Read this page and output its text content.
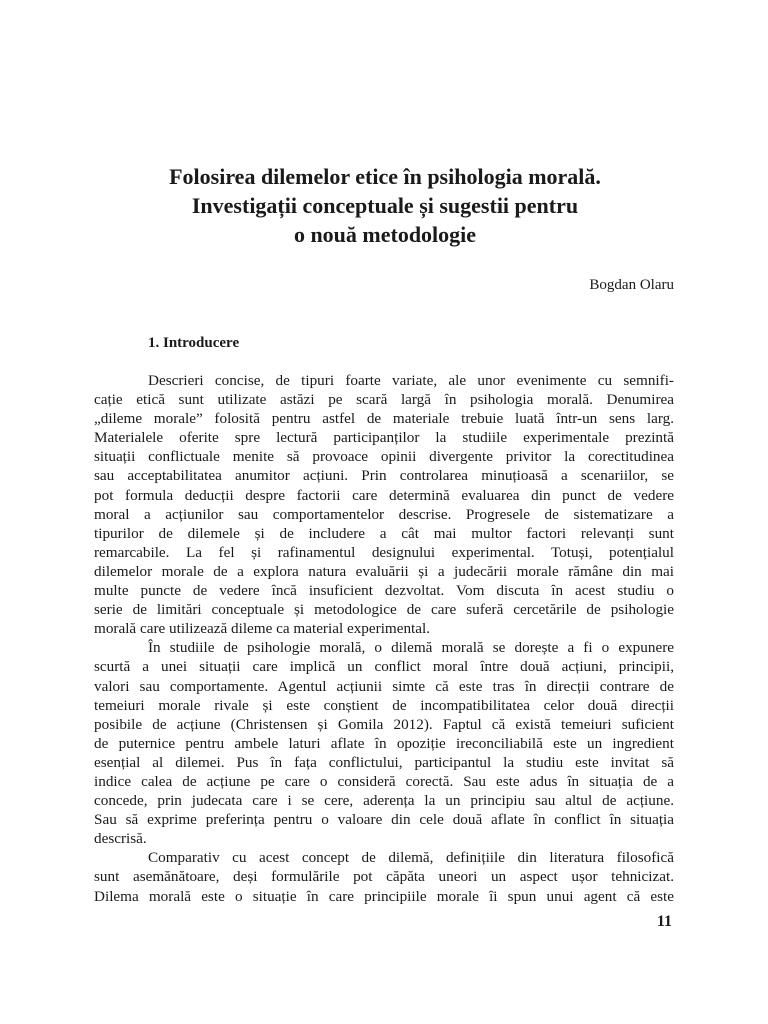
Folosirea dilemelor etice în psihologia morală.
Investigații conceptuale și sugestii pentru
o nouă metodologie
Bogdan Olaru
1. Introducere
Descrieri concise, de tipuri foarte variate, ale unor evenimente cu semnifi-
cație etică sunt utilizate astăzi pe scară largă în psihologia morală. Denumirea
„dileme morale” folosită pentru astfel de materiale trebuie luată într-un sens larg.
Materialele oferite spre lectură participanților la studiile experimentale prezintă
situații conflictuale menite să provoace opinii divergente privitor la corectitudinea
sau acceptabilitatea anumitor acțiuni. Prin controlarea minuțioasă a scenariilor, se
pot formula deducții despre factorii care determină evaluarea din punct de vedere
moral a acțiunilor sau comportamentelor descrise. Progresele de sistematizare a
tipurilor de dilemele și de includere a cât mai multor factori relevanți sunt
remarcabile. La fel și rafinamentul designului experimental. Totuși, potențialul
dilemelor morale de a explora natura evaluării și a judecării morale rămâne din mai
multe puncte de vedere încă insuficient dezvoltat. Vom discuta în acest studiu o
serie de limitări conceptuale și metodologice de care suferă cercetările de psihologie
morală care utilizează dileme ca material experimental.
În studiile de psihologie morală, o dilemă morală se dorește a fi o expunere
scurtă a unei situații care implică un conflict moral între două acțiuni, principii,
valori sau comportamente. Agentul acțiunii simte că este tras în direcții contrare de
temeiuri morale rivale și este conștient de incompatibilitatea celor două direcții
posibile de acțiune (Christensen și Gomila 2012). Faptul că există temeiuri suficient
de puternice pentru ambele laturi aflate în opoziție ireconciliabilă este un ingredient
esențial al dilemei. Pus în fața conflictului, participantul la studiu este invitat să
indice calea de acțiune pe care o consideră corectă. Sau este adus în situația de a
concede, prin judecata care i se cere, aderența la un principiu sau altul de acțiune.
Sau să exprime preferința pentru o valoare din cele două aflate în conflict în situația
descrisă.
Comparativ cu acest concept de dilemă, definițiile din literatura filosofică
sunt asemănătoare, deși formulările pot căpăta uneori un aspect ușor tehnicizat.
Dilema morală este o situație în care principiile morale îi spun unui agent că este
11
